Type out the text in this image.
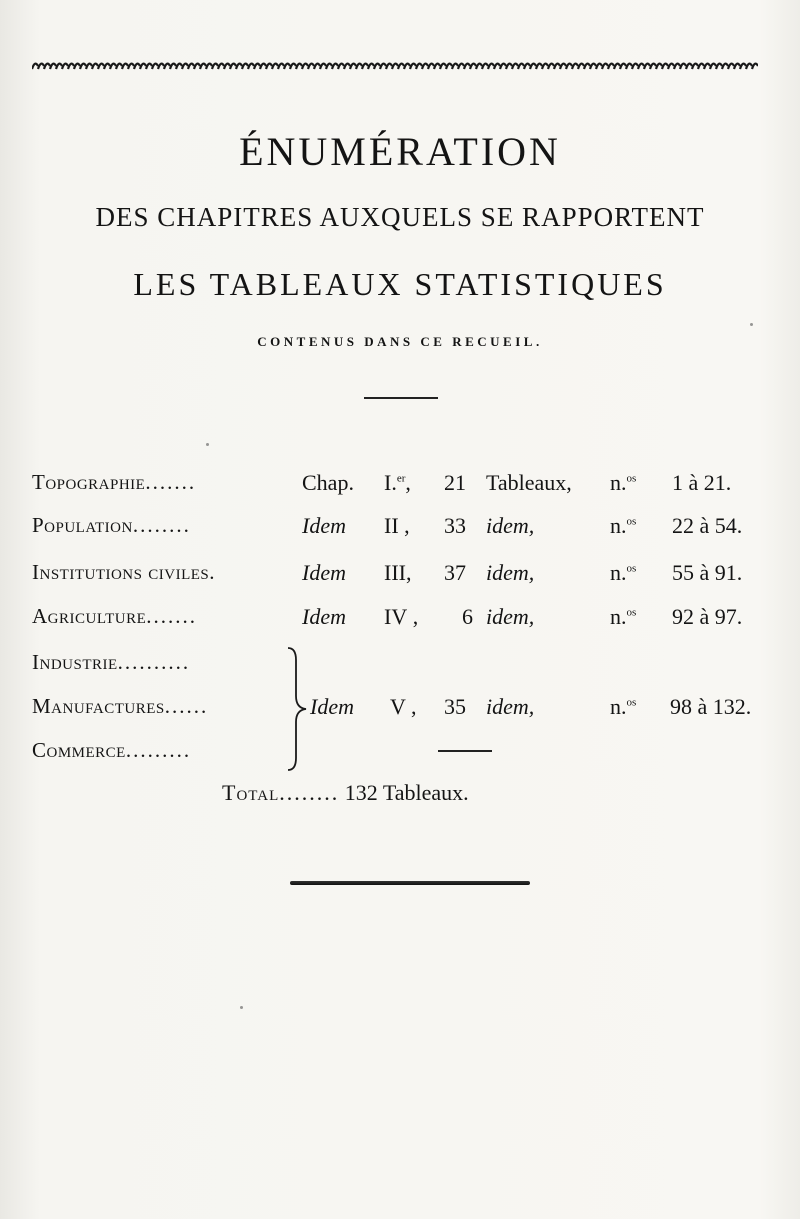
ÉNUMÉRATION
DES CHAPITRES AUXQUELS SE RAPPORTENT
LES TABLEAUX STATISTIQUES
CONTENUS DANS CE RECUEIL.
Topographie.......	Chap. I.$^{er}$, 21 Tableaux, n.$^{os}$ 1 à 21.
Population........	Idem II , 33 idem,	n.$^{os}$ 22 à 54.
Institutions civiles.	Idem III, 37 idem,	n.$^{os}$ 55 à 91.
Agriculture.......	Idem IV , 6 idem,	n.$^{os}$ 92 à 97.
Industrie..........
Manufactures......	Idem V , 35 idem,	n.$^{os}$ 98 à 132.
Commerce.........
Total........ 132 Tableaux.
